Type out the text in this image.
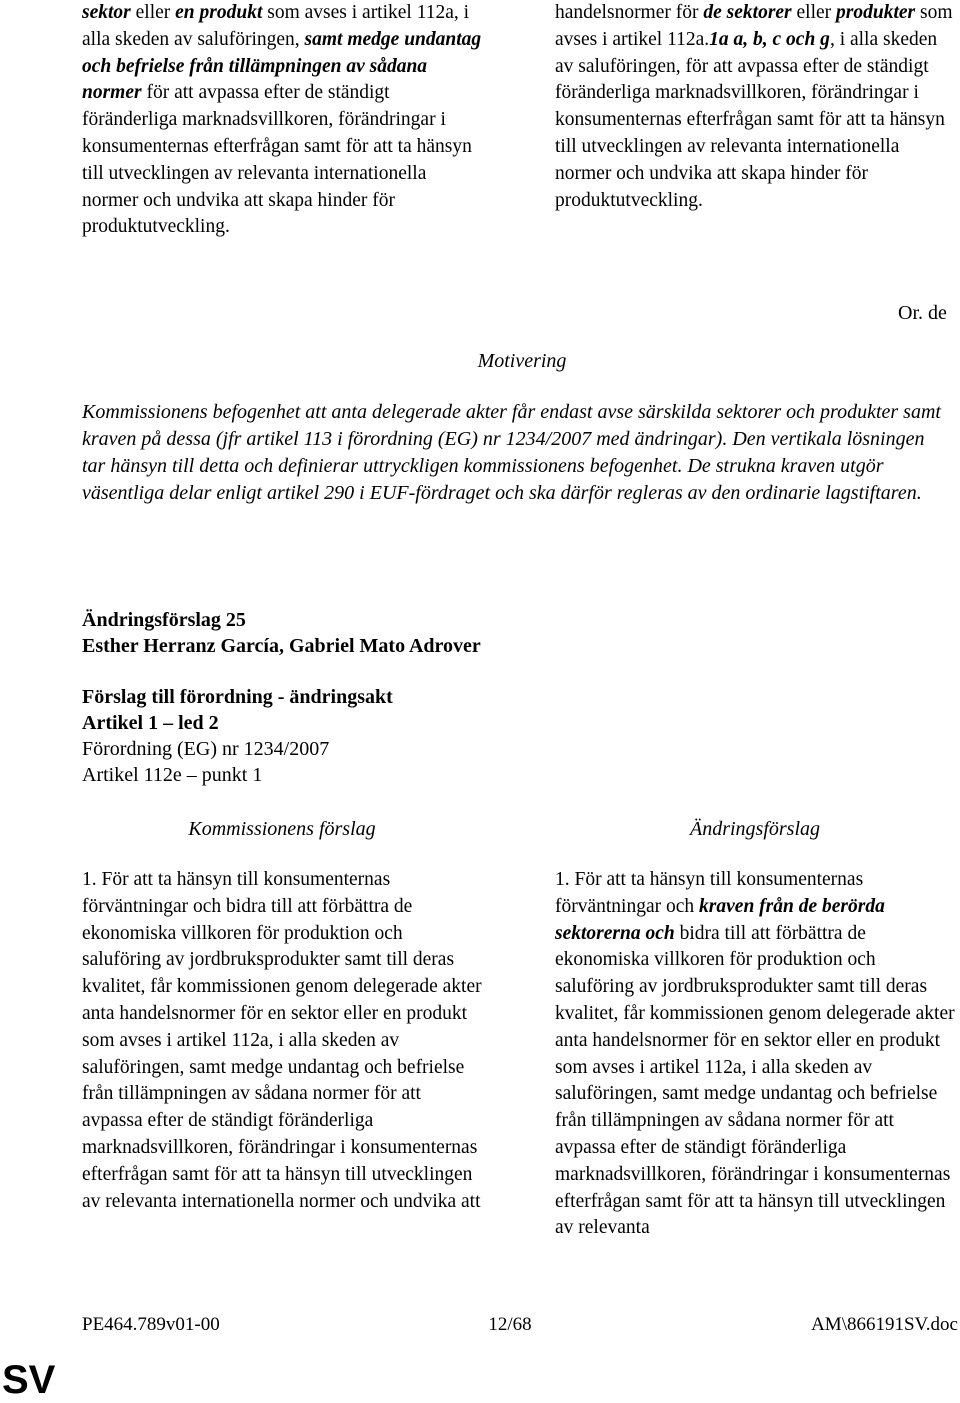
sektor eller en produkt som avses i artikel 112a, i alla skeden av saluföringen, samt medge undantag och befrielse från tillämpningen av sådana normer för att avpassa efter de ständigt föränderliga marknadsvillkoren, förändringar i konsumenternas efterfrågan samt för att ta hänsyn till utvecklingen av relevanta internationella normer och undvika att skapa hinder för produktutveckling.
handelsnormer för de sektorer eller produkter som avses i artikel 112a.1a a, b, c och g, i alla skeden av saluföringen, för att avpassa efter de ständigt föränderliga marknadsvillkoren, förändringar i konsumenternas efterfrågan samt för att ta hänsyn till utvecklingen av relevanta internationella normer och undvika att skapa hinder för produktutveckling.
Or. de
Motivering
Kommissionens befogenhet att anta delegerade akter får endast avse särskilda sektorer och produkter samt kraven på dessa (jfr artikel 113 i förordning (EG) nr 1234/2007 med ändringar). Den vertikala lösningen tar hänsyn till detta och definierar uttryckligen kommissionens befogenhet. De strukna kraven utgör väsentliga delar enligt artikel 290 i EUF-fördraget och ska därför regleras av den ordinarie lagstiftaren.
Ändringsförslag 25
Esther Herranz García, Gabriel Mato Adrover
Förslag till förordning - ändringsakt
Artikel 1 – led 2
Förordning (EG) nr 1234/2007
Artikel 112e – punkt 1
Kommissionens förslag	Ändringsförslag
1. För att ta hänsyn till konsumenternas förväntningar och bidra till att förbättra de ekonomiska villkoren för produktion och saluföring av jordbruksprodukter samt till deras kvalitet, får kommissionen genom delegerade akter anta handelsnormer för en sektor eller en produkt som avses i artikel 112a, i alla skeden av saluföringen, samt medge undantag och befrielse från tillämpningen av sådana normer för att avpassa efter de ständigt föränderliga marknadsvillkoren, förändringar i konsumenternas efterfrågan samt för att ta hänsyn till utvecklingen av relevanta internationella normer och undvika att
1. För att ta hänsyn till konsumenternas förväntningar och kraven från de berörda sektorerna och bidra till att förbättra de ekonomiska villkoren för produktion och saluföring av jordbruksprodukter samt till deras kvalitet, får kommissionen genom delegerade akter anta handelsnormer för en sektor eller en produkt som avses i artikel 112a, i alla skeden av saluföringen, samt medge undantag och befrielse från tillämpningen av sådana normer för att avpassa efter de ständigt föränderliga marknadsvillkoren, förändringar i konsumenternas efterfrågan samt för att ta hänsyn till utvecklingen av relevanta
PE464.789v01-00	12/68	AM\866191SV.doc
SV
